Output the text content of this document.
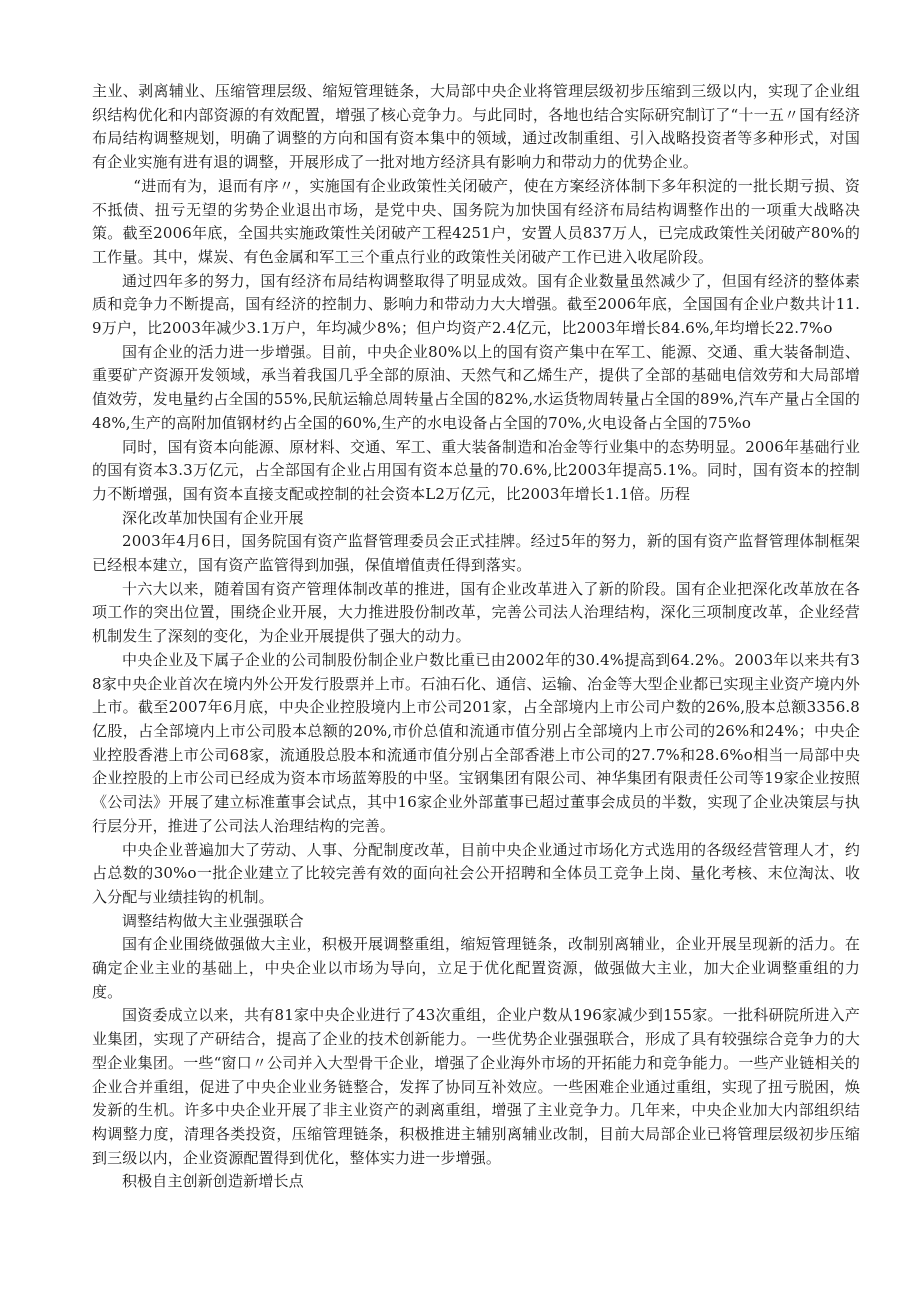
主业、剥离辅业、压缩管理层级、缩短管理链条，大局部中央企业将管理层级初步压缩到三级以内，实现了企业组织结构优化和内部资源的有效配置，增强了核心竞争力。与此同时，各地也结合实际研究制订了“十一五〃国有经济布局结构调整规划，明确了调整的方向和国有资本集中的领域，通过改制重组、引入战略投资者等多种形式，对国有企业实施有进有退的调整，开展形成了一批对地方经济具有影响力和带动力的优势企业。

“进而有为，退而有序〃，实施国有企业政策性关闭破产，使在方案经济体制下多年积淀的一批长期亏损、资不抵债、扭亏无望的劣势企业退出市场，是党中央、国务院为加快国有经济布局结构调整作出的一项重大战略决策。截至2006年底，全国共实施政策性关闭破产工程4251户，安置人员837万人，已完成政策性关闭破产80%的工作量。其中，煤炭、有色金属和军工三个重点行业的政策性关闭破产工作已进入收尾阶段。

通过四年多的努力，国有经济布局结构调整取得了明显成效。国有企业数量虽然减少了，但国有经济的整体素质和竞争力不断提高，国有经济的控制力、影响力和带动力大大增强。截至2006年底，全国国有企业户数共计11.9万户，比2003年减少3.1万户，年均减少8%；但户均资产2.4亿元，比2003年增长84.6%,年均增长22.7%o

国有企业的活力进一步增强。目前，中央企业80%以上的国有资产集中在军工、能源、交通、重大装备制造、重要矿产资源开发领域，承当着我国几乎全部的原油、天然气和乙烯生产，提供了全部的基础电信效劳和大局部增值效劳，发电量约占全国的55%,民航运输总周转量占全国的82%,水运货物周转量占全国的89%,汽车产量占全国的48%,生产的高附加值钢材约占全国的60%,生产的水电设备占全国的70%,火电设备占全国的75%o

同时，国有资本向能源、原材料、交通、军工、重大装备制造和冶金等行业集中的态势明显。2006年基础行业的国有资本3.3万亿元，占全部国有企业占用国有资本总量的70.6%,比2003年提高5.1%。同时，国有资本的控制力不断增强，国有资本直接支配或控制的社会资本L2万亿元，比2003年增长1.1倍。历程

深化改革加快国有企业开展

2003年4月6日，国务院国有资产监督管理委员会正式挂牌。经过5年的努力，新的国有资产监督管理体制框架已经根本建立，国有资产监管得到加强，保值增值责任得到落实。

十六大以来，随着国有资产管理体制改革的推进，国有企业改革进入了新的阶段。国有企业把深化改革放在各项工作的突出位置，围绕企业开展，大力推进股份制改革，完善公司法人治理结构，深化三项制度改革，企业经营机制发生了深刻的变化，为企业开展提供了强大的动力。

中央企业及下属子企业的公司制股份制企业户数比重已由2002年的30.4%提高到64.2%。2003年以来共有38家中央企业首次在境内外公开发行股票并上市。石油石化、通信、运输、冶金等大型企业都已实现主业资产境内外上市。截至2007年6月底，中央企业控股境内上市公司201家，占全部境内上市公司户数的26%,股本总额3356.8亿股，占全部境内上市公司股本总额的20%,市价总值和流通市值分别占全部境内上市公司的26%和24%；中央企业控股香港上市公司68家，流通股总股本和流通市值分别占全部香港上市公司的27.7%和28.6%o相当一局部中央企业控股的上市公司已经成为资本市场蓝筹股的中坚。宝钢集团有限公司、神华集团有限责任公司等19家企业按照《公司法》开展了建立标准董事会试点，其中16家企业外部董事已超过董事会成员的半数，实现了企业决策层与执行层分开，推进了公司法人治理结构的完善。

中央企业普遍加大了劳动、人事、分配制度改革，目前中央企业通过市场化方式选用的各级经营管理人才，约占总数的30%o一批企业建立了比较完善有效的面向社会公开招聘和全体员工竞争上岗、量化考核、末位淘汰、收入分配与业绩挂钩的机制。

调整结构做大主业强强联合

国有企业围绕做强做大主业，积极开展调整重组，缩短管理链条，改制别离辅业，企业开展呈现新的活力。在确定企业主业的基础上，中央企业以市场为导向，立足于优化配置资源，做强做大主业，加大企业调整重组的力度。

国资委成立以来，共有81家中央企业进行了43次重组，企业户数从196家减少到155家。一批科研院所进入产业集团，实现了产研结合，提高了企业的技术创新能力。一些优势企业强强联合，形成了具有较强综合竞争力的大型企业集团。一些“窗口〃公司并入大型骨干企业，增强了企业海外市场的开拓能力和竞争能力。一些产业链相关的企业合并重组，促进了中央企业业务链整合，发挥了协同互补效应。一些困难企业通过重组，实现了扭亏脱困，焕发新的生机。许多中央企业开展了非主业资产的剥离重组，增强了主业竞争力。几年来，中央企业加大内部组织结构调整力度，清理各类投资，压缩管理链条，积极推进主辅别离辅业改制，目前大局部企业已将管理层级初步压缩到三级以内，企业资源配置得到优化，整体实力进一步增强。

积极自主创新创造新增长点
